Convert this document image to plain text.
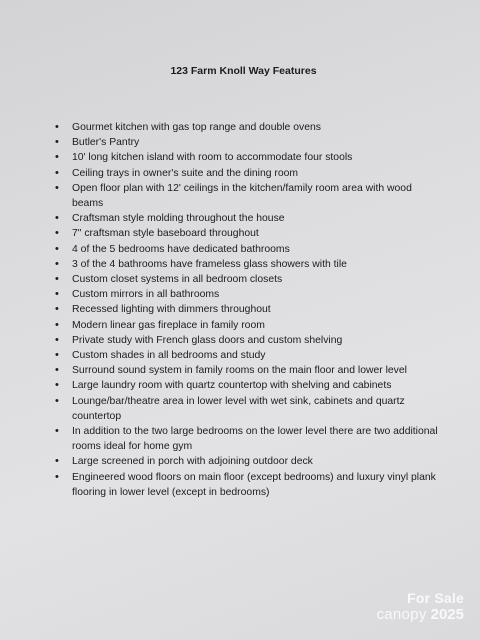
123 Farm Knoll Way Features
• Gourmet kitchen with gas top range and double ovens
• Butler's Pantry
• 10' long kitchen island with room to accommodate four stools
• Ceiling trays in owner's suite and the dining room
• Open floor plan with 12' ceilings in the kitchen/family room area with wood beams
• Craftsman style molding throughout the house
• 7" craftsman style baseboard throughout
• 4 of the 5 bedrooms have dedicated bathrooms
• 3 of the 4 bathrooms have frameless glass showers with tile
• Custom closet systems in all bedroom closets
• Custom mirrors in all bathrooms
• Recessed lighting with dimmers throughout
• Modern linear gas fireplace in family room
• Private study with French glass doors and custom shelving
• Custom shades in all bedrooms and study
• Surround sound system in family rooms on the main floor and lower level
• Large laundry room with quartz countertop with shelving and cabinets
• Lounge/bar/theatre area in lower level with wet sink, cabinets and quartz countertop
• In addition to the two large bedrooms on the lower level there are two additional rooms ideal for home gym
• Large screened in porch with adjoining outdoor deck
• Engineered wood floors on main floor (except bedrooms) and luxury vinyl plank flooring in lower level (except in bedrooms)
For Sale
canopy 2025
